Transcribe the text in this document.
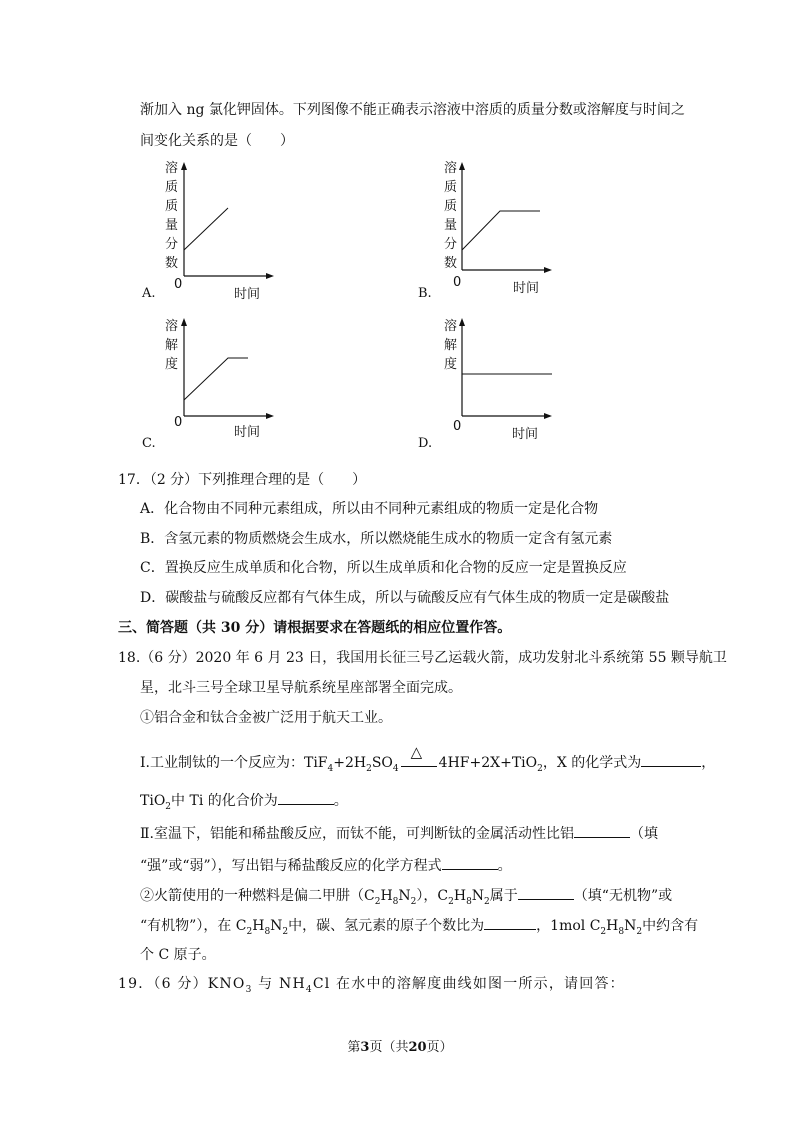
渐加入 ng 氯化钾固体。下列图像不能正确表示溶液中溶质的质量分数或溶解度与时间之
间变化关系的是（　　）
溶
质
质
量
分
数
0
时间
A.
溶
质
质
量
分
数
0	时间
B.
溶
解
度
0
时间
C.
溶
解
度
0
时间
D.
17．（2 分）下列推理合理的是（　　）
A．化合物由不同种元素组成，所以由不同种元素组成的物质一定是化合物
B．含氢元素的物质燃烧会生成水，所以燃烧能生成水的物质一定含有氢元素
C．置换反应生成单质和化合物，所以生成单质和化合物的反应一定是置换反应
D．碳酸盐与硫酸反应都有气体生成，所以与硫酸反应有气体生成的物质一定是碳酸盐
三、简答题（共 30 分）请根据要求在答题纸的相应位置作答。
18.（6 分）2020 年 6 月 23 日，我国用长征三号乙运载火箭，成功发射北斗系统第 55 颗导航卫
星，北斗三号全球卫星导航系统星座部署全面完成。
①铝合金和钛合金被广泛用于航天工业。
Ⅰ.工业制钛的一个反应为：$TiF_4+2H_2SO_4$
△
4HF+2X+TiO$_2$，X 的化学式为	，
TiO$_2$中 Ti 的化合价为	。
Ⅱ.室温下，铝能和稀盐酸反应，而钛不能，可判断钛的金属活动性比铝	（填
“强”或“弱”），写出铝与稀盐酸反应的化学方程式	。
②火箭使用的一种燃料是偏二甲肼$(C_2H_8N_2)$，$C_2H_8N_2$属于	（填“无机物”或
“有机物”），在 $C_2H_8N_2$中，碳、氢元素的原子个数比为	，1mol $C_2H_8N_2$中约含有
个 C 原子。
19．（6 分）$KNO_3$ 与 $NH_4Cl$ 在水中的溶解度曲线如图一所示，请回答：
第3页（共20页）
